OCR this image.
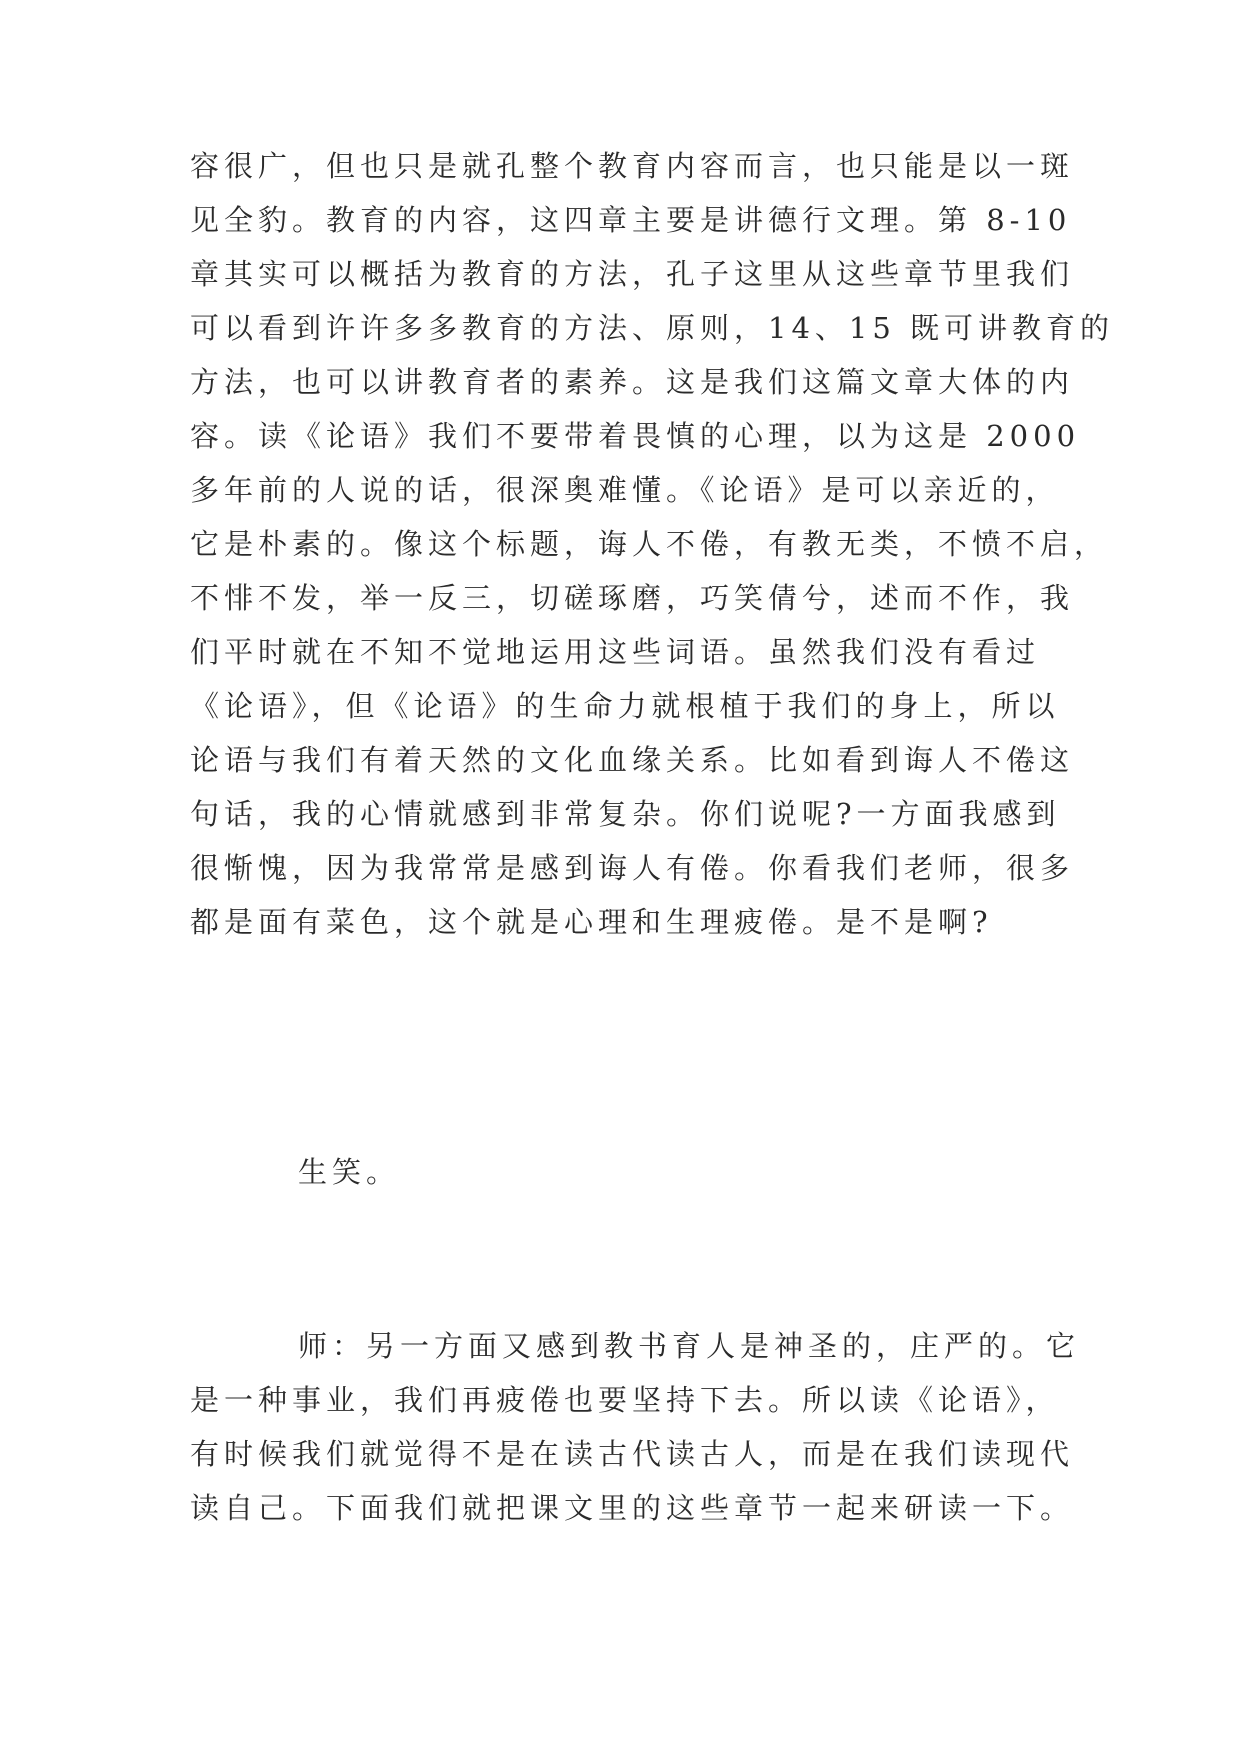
容很广，但也只是就孔整个教育内容而言，也只能是以一斑

见全豹。教育的内容，这四章主要是讲德行文理。第 8-10

章其实可以概括为教育的方法，孔子这里从这些章节里我们

可以看到许许多多教育的方法、原则，14、15 既可讲教育的

方法，也可以讲教育者的素养。这是我们这篇文章大体的内

容。读《论语》我们不要带着畏慎的心理，以为这是 2000

多年前的人说的话，很深奥难懂。《论语》是可以亲近的，

它是朴素的。像这个标题，诲人不倦，有教无类，不愤不启，

不悱不发，举一反三，切磋琢磨，巧笑倩兮，述而不作，我

们平时就在不知不觉地运用这些词语。虽然我们没有看过

《论语》，但《论语》的生命力就根植于我们的身上，所以

论语与我们有着天然的文化血缘关系。比如看到诲人不倦这

句话，我的心情就感到非常复杂。你们说呢?一方面我感到

很惭愧，因为我常常是感到诲人有倦。你看我们老师，很多

都是面有菜色，这个就是心理和生理疲倦。是不是啊?

生笑。

师：另一方面又感到教书育人是神圣的，庄严的。它

是一种事业，我们再疲倦也要坚持下去。所以读《论语》，

有时候我们就觉得不是在读古代读古人，而是在我们读现代

读自己。下面我们就把课文里的这些章节一起来研读一下。
